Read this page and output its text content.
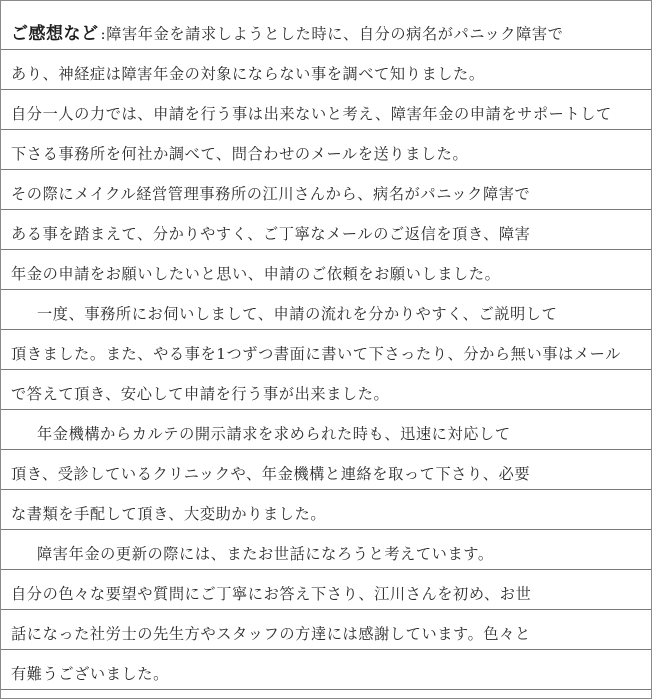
ご感想など :障害年金を請求しようとした時に、自分の病名がパニック障害で
あり、神経症は障害年金の対象にならない事を調べて知りました。
自分一人の力では、申請を行う事は出来ないと考え、障害年金の申請をサポートして
下さる事務所を何社か調べて、問合わせのメールを送りました。
その際にメイクル経営管理事務所の江川さんから、病名がパニック障害で
ある事を踏まえて、分かりやすく、ご丁寧なメールのご返信を頂き、障害
年金の申請をお願いしたいと思い、申請のご依頼をお願いしました。
一度、事務所にお伺いしまして、申請の流れを分かりやすく、ご説明して
頂きました。また、やる事を1つずつ書面に書いて下さったり、分から無い事はメール
で答えて頂き、安心して申請を行う事が出来ました。
年金機構からカルテの開示請求を求められた時も、迅速に対応して
頂き、受診しているクリニックや、年金機構と連絡を取って下さり、必要
な書類を手配して頂き、大変助かりました。
障害年金の更新の際には、またお世話になろうと考えています。
自分の色々な要望や質問にご丁寧にお答え下さり、江川さんを初め、お世
話になった社労士の先生方やスタッフの方達には感謝しています。色々と
有難うございました。
